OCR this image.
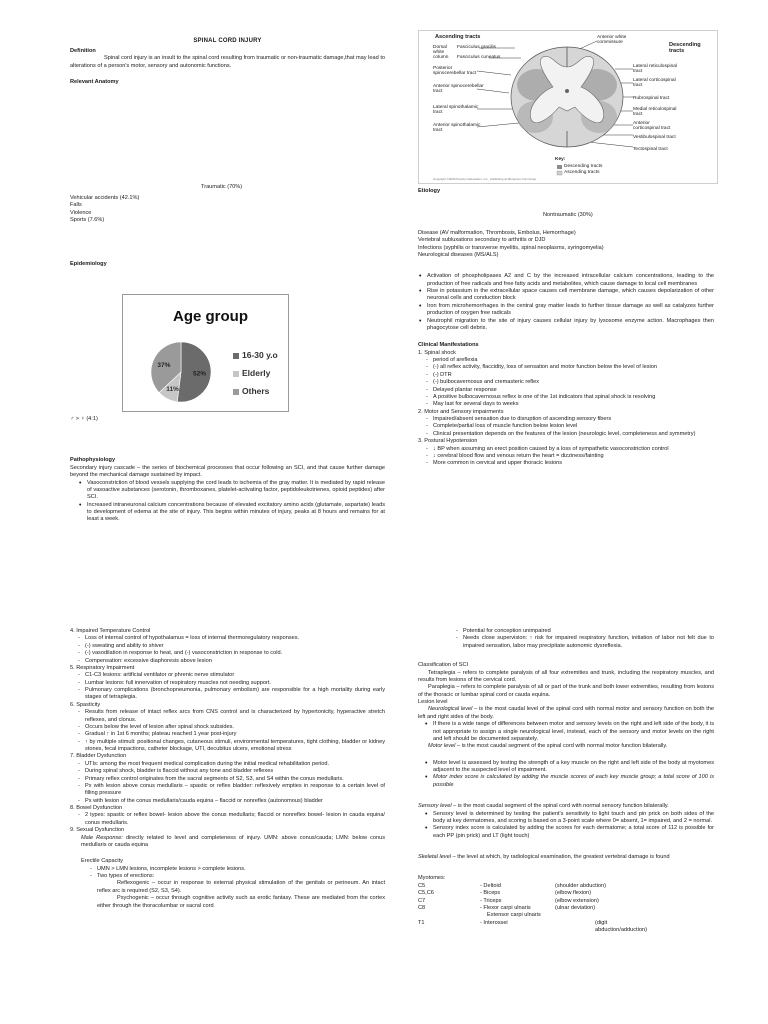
SPINAL CORD INJURY
Definition

Spinal cord injury is an insult to the spinal cord resulting from traumatic or non-traumatic damage,that may lead to alterations of a person's motor, sensory and autonomic functions.

Relevant Anatomy
Traumatic (70%)
Vehicular accidents (42.1%)
Falls
Violence
Sports (7.6%)
Epidemiology
Age group
52%
11%
37%
16-30 y.o
Elderly
Others
♂ > ♀ (4:1)
Pathophysiology

Secondary injury cascade – the series of biochemical processes that occur following an SCI, and that cause further damage beyond the mechanical damage sustained by impact.

• Vasoconstriction of blood vessels supplying the cord leads to ischemia of the gray matter. It is mediated by rapid release of vasoactive substances (serotonin, thromboxanes, platelet-activating factor, peptidoleukotrienes, opioid peptides) after SCI.
• Increased intraneuronal calcium concentrations because of elevated excitatory amino acids (glutamate, aspartate) leads to development of edema at the site of injury. This begins within minutes of injury, peaks at 8 hours and remains for at least a week.
Ascending tracts
Dorsal white column
Fasciculus gracilis
Fasciculus cuneatus
Posterior spinocerebellar tract
Anterior spinocerebellar tract
Lateral spinothalamic tract
Anterior spinothalamic tract
Anterior white commissure	Descending tracts
Lateral reticulospinal tract
Lateral corticospinal tract
Rubrospinal tract
Medial reticulospinal tract
Anterior corticospinal tract
Vestibulospinal tract
Tectospinal tract
Key:
Descending tracts
Ascending tracts
Copyright ©2006 Pearson Education, Inc., publishing as Benjamin Cummings
Etiology
Nontraumatic (30%)
Disease (AV malformation, Thrombosis, Embolus, Hemorrhage)
Vertebral subluxations secondary to arthritis or DJD
Infections (syphilis or transverse myelitis, spinal neoplasms, syringomyelia)
Neurological diseases (MS/ALS)
• Activation of phospholipases A2 and C by the increased intracellular calcium concentrations, leading to the production of free radicals and free fatty acids and metabolites, which cause damage to local cell membranes
• Rise in potassium in the extracellular space causes cell membrane damage, which causes depolarization of other neuronal cells and conduction block
• Iron from microhemorrhages in the central gray matter leads to further tissue damage as well as catalyzes further production of oxygen free radicals
• Neutrophil migration to the site of injury causes cellular injury by lysosome enzyme action. Macrophages then phagocytose cell debris.
Clinical Manifestations
1. Spinal shock
- period of areflexia
- (-) all reflex activity, flaccidity, loss of sensation and motor function below the level of lesion
- (-) DTR
- (-) bulbocavernosus and cremasteric reflex
- Delayed plantar response
- A positive bulbocavernosus reflex is one of the 1st indicators that spinal shock is resolving
- May last for several days to weeks
2. Motor and Sensory impairments
- Impaired/absent sensation due to disruption of ascending sensory fibers
- Complete/partial loss of muscle function below lesion level
- Clinical presentation depends on the features of the lesion (neurologic level, completeness and symmetry)
3. Postural Hypotension
- ↓ BP when assuming an erect position caused by a loss of sympathetic vasoconstriction control
- ↓ cerebral blood flow and venous return the heart = dizziness/fainting
- More common in cervical and upper thoracic lesions
4. Impaired Temperature Control
- Loss of internal control of hypothalamus = loss of internal thermoregulatory responses.
- (-) sweating and ability to shiver
- (-) vasodilation in response to heat, and (-) vasoconstriction in response to cold.
- Compensation: excessive diaphoresis above lesion
5. Respiratory Impairment
- C1-C3 lesions: artificial ventilator or phrenic nerve stimulator
- Lumbar lesions: full innervation of respiratory muscles not needing support.
- Pulmonary complications (bronchopneumonia, pulmonary embolism) are responsible for a high mortality during early stages of tetraplegia.
6. Spasticity
- Results from release of intact reflex arcs from CNS control and is characterized by hypertonicity, hyperactive stretch reflexes, and clonus.
- Occurs below the level of lesion after spinal shock subsides.
- Gradual ↑ in 1st 6 months; plateau reached 1 year post-injury
- ↑ by multiple stimuli: positional changes, cutaneous stimuli, environmental temperatures, tight clothing, bladder or kidney stones, fecal impactions, catheter blockage, UTI, decubitus ulcers, emotional stress
7. Bladder Dysfunction
- UTIs: among the most frequent medical complication during the initial medical rehabilitation period.
- During spinal shock, bladder is flaccid without any tone and bladder reflexes
- Primary reflex control originates from the sacral segments of S2, S3, and S4 within the conus medullaris.
- Px with lesion above conus medullaris – spastic or reflex bladder: reflexively empties in response to a certain level of filling pressure
- Px with lesion of the conus medullaris/cauda equina – flaccid or nonreflex (autonomous) bladder
8. Bowel Dysfunction
- 2 types: spastic or reflex bowel- lesion above the conus medullaris; flaccid or nonreflex bowel- lesion in cauda equina/ conus medullaris.
9. Sexual Dysfunction

Male Response: directly related to level and completeness of injury. UMN: above conus/cauda; LMN: below conus medullaris or cauda equina

Erectile Capacity
- UMN > LMN lesions, incomplete lesions > complete lesions.
- Two types of erections:

Reflexogenic – occur in response to external physical stimulation of the genitals or perineum. An intact reflex arc is required (S2, S3, S4).

Psychogenic – occur through cognitive activity such as erotic fantasy. These are mediated from the cortex either through the thoracolumbar or sacral cord

- Potential for conception unimpaired
- Needs close supervision: ↑ risk for impaired respiratory function, initiation of labor not felt due to impaired sensation, labor may precipitate autonomic dysreflexia.
Classification of SCI

Tetraplegia – refers to complete paralysis of all four extremities and trunk, including the respiratory muscles, and results from lesions of the cervical cord.

Paraplegia – refers to complete paralysis of all or part of the trunk and both lower extremities, resulting from lesions of the thoracic or lumbar spinal cord or cauda equina.

Lesion level

Neurological level – is the most caudal level of the spinal cord with normal motor and sensory function on both the left and right sides of the body.

• If there is a wide range of differences between motor and sensory levels on the right and left side of the body, it is not appropriate to assign a single neurological level, instead, each of the sensory and motor levels on the right and left should be documented separately.

Motor level – is the most caudal segment of the spinal cord with normal motor function bilaterally.

• Motor level is assessed by testing the strength of a key muscle on the right and left side of the body at myotomes adjacent to the suspected level of impairment.
• Motor index score is calculated by adding the muscle scores of each key muscle group; a total score of 100 is possible

Sensory level – is the most caudal segment of the spinal cord with normal sensory function bilaterally.

• Sensory level is determined by testing the patient's sensitivity to light touch and pin prick on both sides of the body at key dermatomes, and scoring is based on a 3-point scale where 0= absent, 1= impaired, and 2 = normal.
• Sensory index score is calculated by adding the scores for each dermatome; a total score of 112 is possible for each PP (pin prick) and LT (light touch)

Skeletal level – the level at which, by radiological examination, the greatest vertebral damage is found

Myotomes:
C5	- Deltoid	(shoulder abduction)
C5,C6	- Biceps	(elbow flexion)
C7	- Triceps	(elbow extension)
C8	- Flexor carpi ulnaris	(ulnar deviation)
Extensor carpi ulnaris
T1	- Interossei	(digit abduction/adduction)
